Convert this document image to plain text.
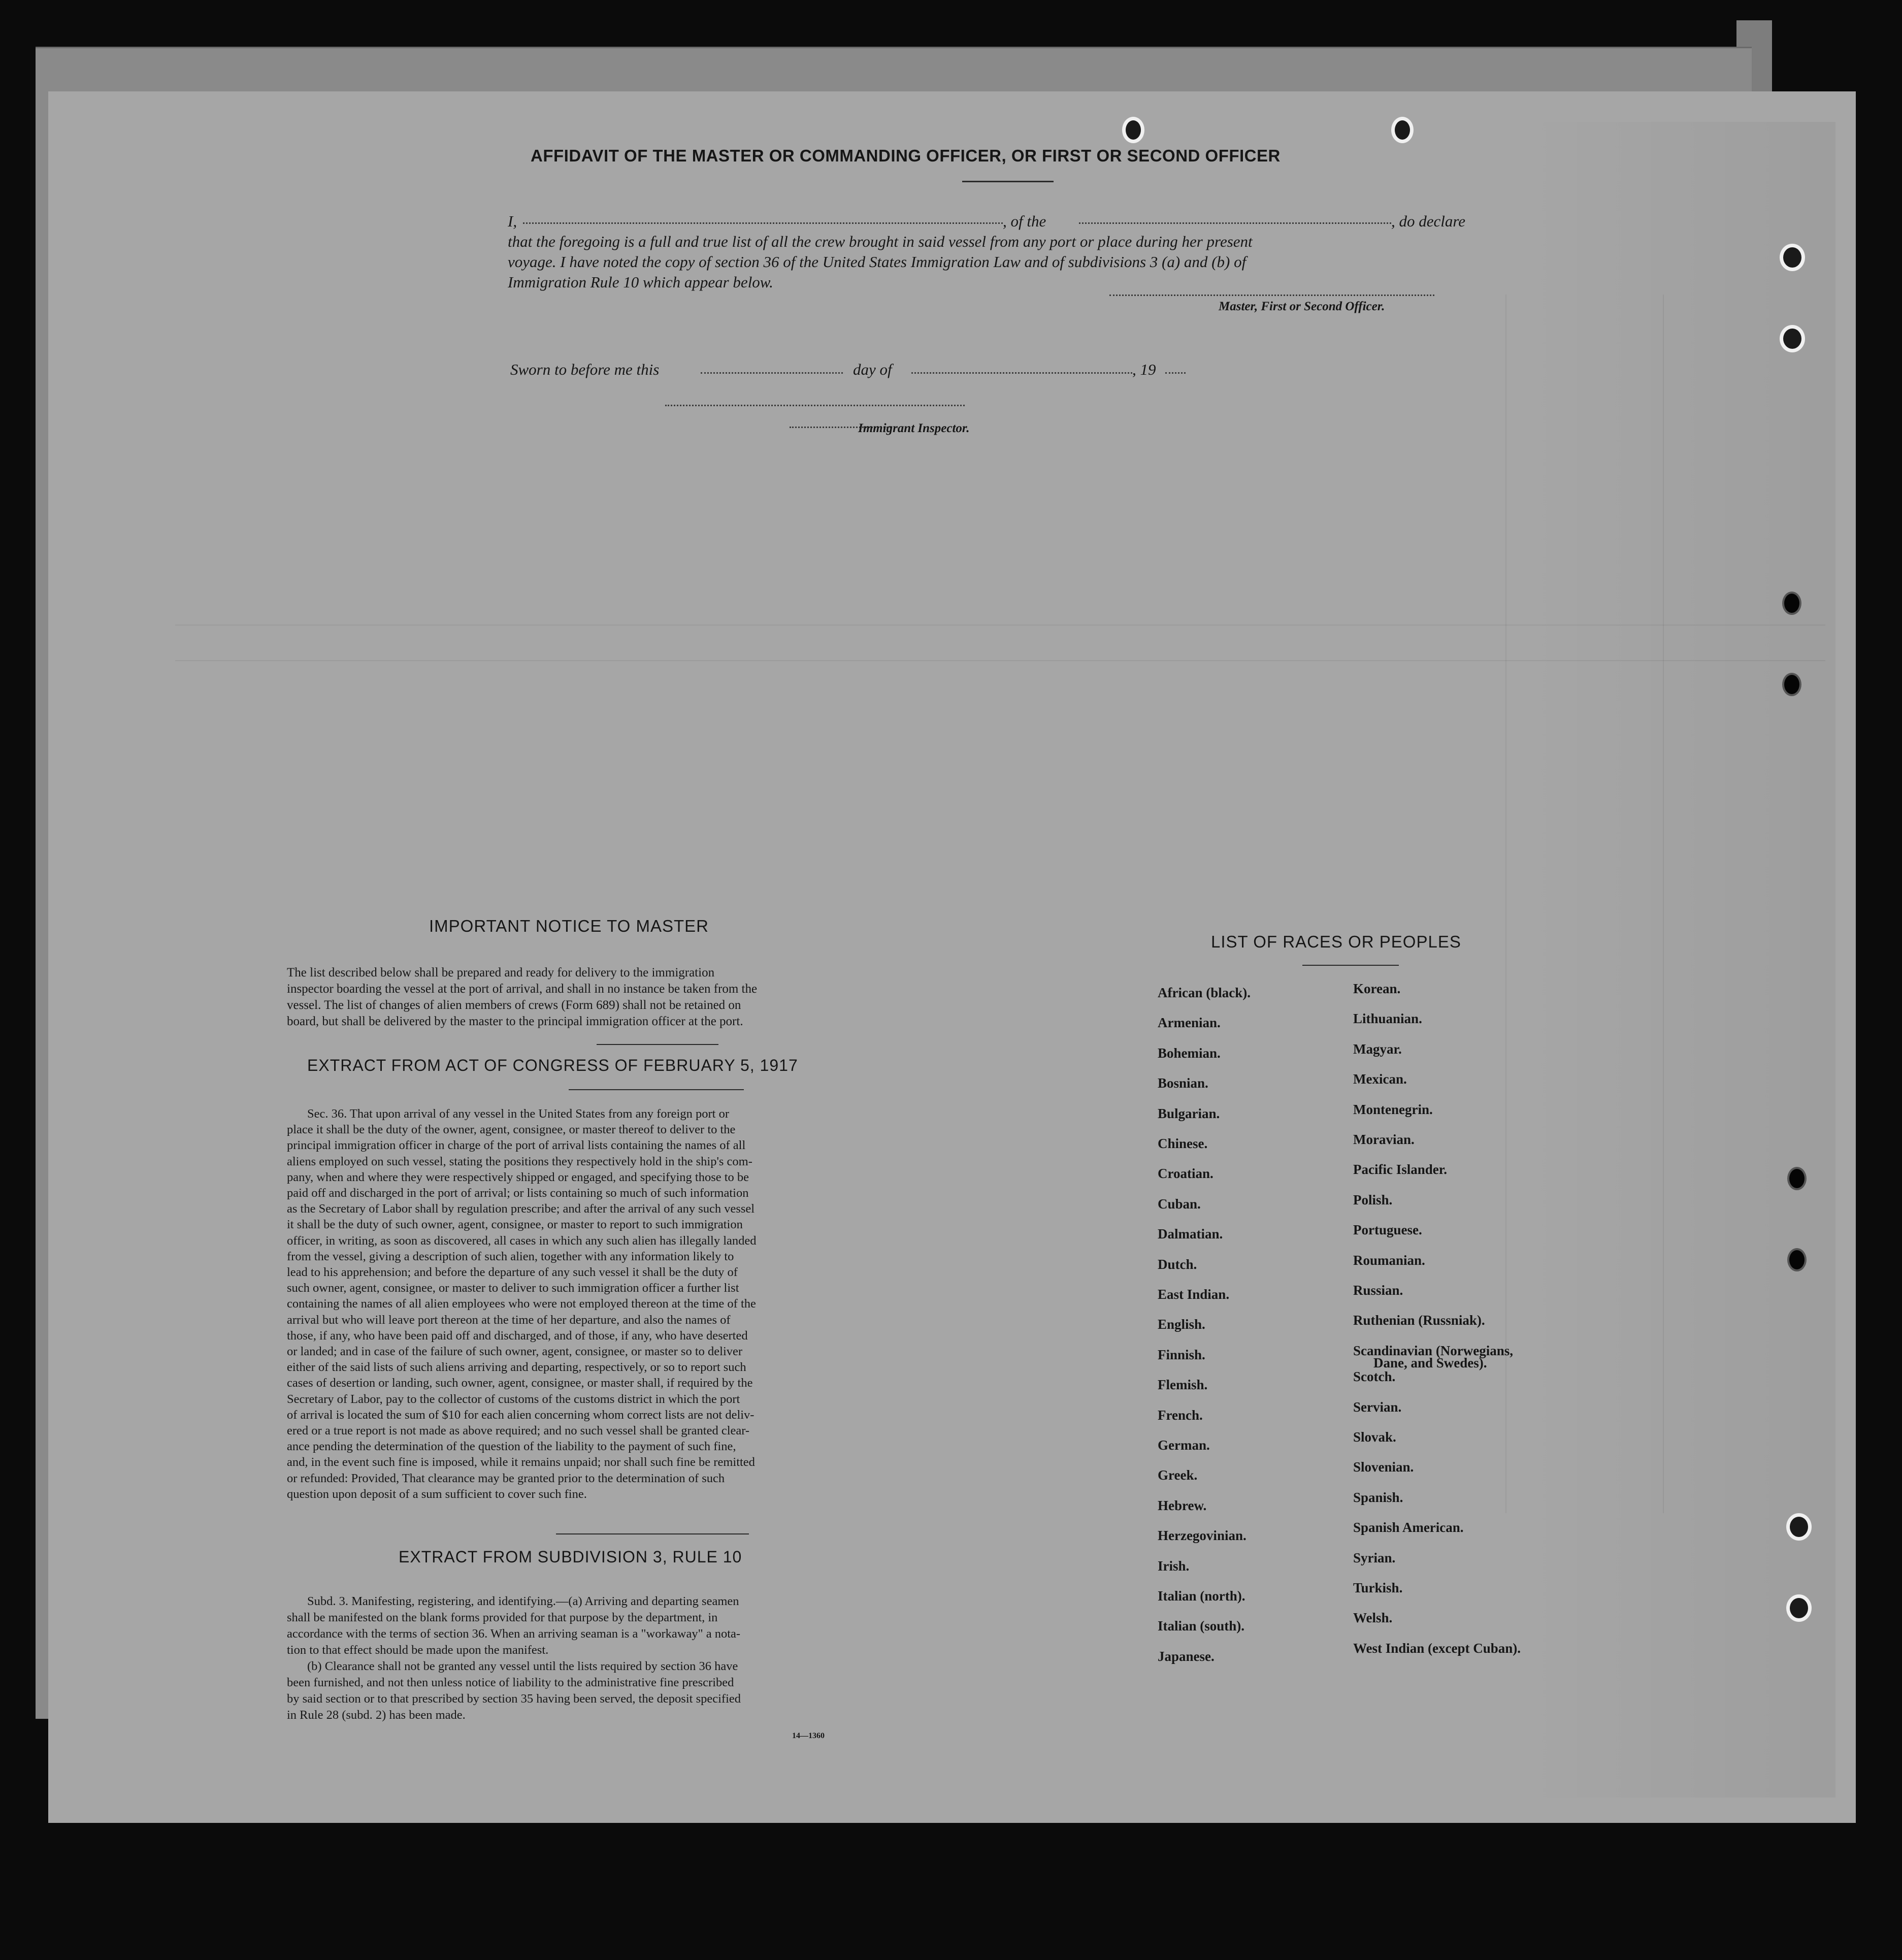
AFFIDAVIT OF THE MASTER OR COMMANDING OFFICER, OR FIRST OR SECOND OFFICER
I,	, of the	, do declare
that the foregoing is a full and true list of all the crew brought in said vessel from any port or place during her present
voyage. I have noted the copy of section 36 of the United States Immigration Law and of subdivisions 3 (a) and (b) of
Immigration Rule 10 which appear below.
Master, First or Second Officer.
Sworn to before me this	day of	, 19
Immigrant Inspector.
IMPORTANT NOTICE TO MASTER
The list described below shall be prepared and ready for delivery to the immigration
inspector boarding the vessel at the port of arrival, and shall in no instance be taken from the
vessel. The list of changes of alien members of crews (Form 689) shall not be retained on
board, but shall be delivered by the master to the principal immigration officer at the port.
EXTRACT FROM ACT OF CONGRESS OF FEBRUARY 5, 1917
Sec. 36. That upon arrival of any vessel in the United States from any foreign port or
place it shall be the duty of the owner, agent, consignee, or master thereof to deliver to the
principal immigration officer in charge of the port of arrival lists containing the names of all
aliens employed on such vessel, stating the positions they respectively hold in the ship's com-
pany, when and where they were respectively shipped or engaged, and specifying those to be
paid off and discharged in the port of arrival; or lists containing so much of such information
as the Secretary of Labor shall by regulation prescribe; and after the arrival of any such vessel
it shall be the duty of such owner, agent, consignee, or master to report to such immigration
officer, in writing, as soon as discovered, all cases in which any such alien has illegally landed
from the vessel, giving a description of such alien, together with any information likely to
lead to his apprehension; and before the departure of any such vessel it shall be the duty of
such owner, agent, consignee, or master to deliver to such immigration officer a further list
containing the names of all alien employees who were not employed thereon at the time of the
arrival but who will leave port thereon at the time of her departure, and also the names of
those, if any, who have been paid off and discharged, and of those, if any, who have deserted
or landed; and in case of the failure of such owner, agent, consignee, or master so to deliver
either of the said lists of such aliens arriving and departing, respectively, or so to report such
cases of desertion or landing, such owner, agent, consignee, or master shall, if required by the
Secretary of Labor, pay to the collector of customs of the customs district in which the port
of arrival is located the sum of $10 for each alien concerning whom correct lists are not deliv-
ered or a true report is not made as above required; and no such vessel shall be granted clear-
ance pending the determination of the question of the liability to the payment of such fine,
and, in the event such fine is imposed, while it remains unpaid; nor shall such fine be remitted
or refunded: Provided, That clearance may be granted prior to the determination of such
question upon deposit of a sum sufficient to cover such fine.
EXTRACT FROM SUBDIVISION 3, RULE 10
Subd. 3. Manifesting, registering, and identifying.—(a) Arriving and departing seamen
shall be manifested on the blank forms provided for that purpose by the department, in
accordance with the terms of section 36. When an arriving seaman is a "workaway" a nota-
tion to that effect should be made upon the manifest.
(b) Clearance shall not be granted any vessel until the lists required by section 36 have
been furnished, and not then unless notice of liability to the administrative fine prescribed
by said section or to that prescribed by section 35 having been served, the deposit specified
in Rule 28 (subd. 2) has been made.
14—1360
LIST OF RACES OR PEOPLES
African (black).
Armenian.
Bohemian.
Bosnian.
Bulgarian.
Chinese.
Croatian.
Cuban.
Dalmatian.
Dutch.
East Indian.
English.
Finnish.
Flemish.
French.
German.
Greek.
Hebrew.
Herzegovinian.
Irish.
Italian (north).
Italian (south).
Japanese.
Korean.
Lithuanian.
Magyar.
Mexican.
Montenegrin.
Moravian.
Pacific Islander.
Polish.
Portuguese.
Roumanian.
Russian.
Ruthenian (Russniak).
Scandinavian (Norwegians,
Dane, and Swedes).
Scotch.
Servian.
Slovak.
Slovenian.
Spanish.
Spanish American.
Syrian.
Turkish.
Welsh.
West Indian (except Cuban).
